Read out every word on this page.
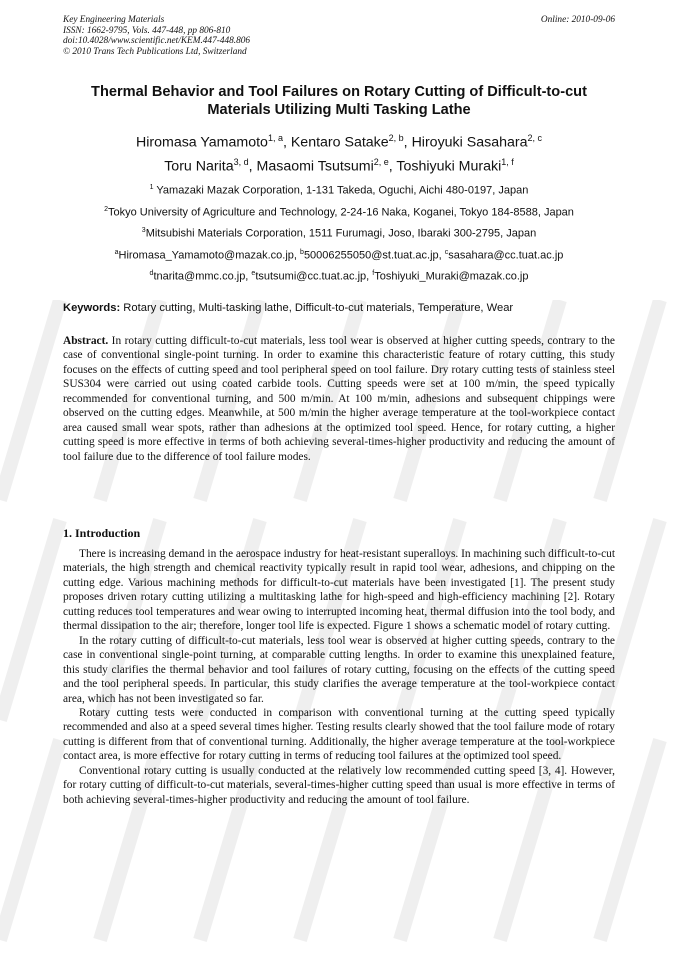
Key Engineering Materials
ISSN: 1662-9795, Vols. 447-448, pp 806-810
doi:10.4028/www.scientific.net/KEM.447-448.806
© 2010 Trans Tech Publications Ltd, Switzerland
Online: 2010-09-06
Thermal Behavior and Tool Failures on Rotary Cutting of Difficult-to-cut
Materials Utilizing Multi Tasking Lathe
Hiromasa Yamamoto$^{1, a}$, Kentaro Satake$^{2, b}$, Hiroyuki Sasahara$^{2, c}$
Toru Narita$^{3, d}$, Masaomi Tsutsumi$^{2, e}$, Toshiyuki Muraki$^{1, f}$
$^1$ Yamazaki Mazak Corporation, 1-131 Takeda, Oguchi, Aichi 480-0197, Japan
$^2$Tokyo University of Agriculture and Technology, 2-24-16 Naka, Koganei, Tokyo 184-8588, Japan
$^3$Mitsubishi Materials Corporation, 1511 Furumagi, Joso, Ibaraki 300-2795, Japan
$^a$Hiromasa_Yamamoto@mazak.co.jp, $^b$50006255050@st.tuat.ac.jp, $^c$sasahara@cc.tuat.ac.jp
$^d$tnarita@mmc.co.jp, $^e$tsutsumi@cc.tuat.ac.jp, $^f$Toshiyuki_Muraki@mazak.co.jp
Keywords: Rotary cutting, Multi-tasking lathe, Difficult-to-cut materials, Temperature, Wear
Abstract. In rotary cutting difficult-to-cut materials, less tool wear is observed at higher cutting speeds, contrary to the case of conventional single-point turning. In order to examine this characteristic feature of rotary cutting, this study focuses on the effects of cutting speed and tool peripheral speed on tool failure. Dry rotary cutting tests of stainless steel SUS304 were carried out using coated carbide tools. Cutting speeds were set at 100 m/min, the speed typically recommended for conventional turning, and 500 m/min. At 100 m/min, adhesions and subsequent chippings were observed on the cutting edges. Meanwhile, at 500 m/min the higher average temperature at the tool-workpiece contact area caused small wear spots, rather than adhesions at the optimized tool speed. Hence, for rotary cutting, a higher cutting speed is more effective in terms of both achieving several-times-higher productivity and reducing the amount of tool failure due to the difference of tool failure modes.
1. Introduction

There is increasing demand in the aerospace industry for heat-resistant superalloys. In machining such difficult-to-cut materials, the high strength and chemical reactivity typically result in rapid tool wear, adhesions, and chipping on the cutting edge. Various machining methods for difficult-to-cut materials have been investigated [1]. The present study proposes driven rotary cutting utilizing a multitasking lathe for high-speed and high-efficiency machining [2]. Rotary cutting reduces tool temperatures and wear owing to interrupted incoming heat, thermal diffusion into the tool body, and thermal dissipation to the air; therefore, longer tool life is expected. Figure 1 shows a schematic model of rotary cutting.

In the rotary cutting of difficult-to-cut materials, less tool wear is observed at higher cutting speeds, contrary to the case in conventional single-point turning, at comparable cutting lengths. In order to examine this unexplained feature, this study clarifies the thermal behavior and tool failures of rotary cutting, focusing on the effects of the cutting speed and the tool peripheral speeds. In particular, this study clarifies the average temperature at the tool-workpiece contact area, which has not been investigated so far.

Rotary cutting tests were conducted in comparison with conventional turning at the cutting speed typically recommended and also at a speed several times higher. Testing results clearly showed that the tool failure mode of rotary cutting is different from that of conventional turning. Additionally, the higher average temperature at the tool-workpiece contact area, is more effective for rotary cutting in terms of reducing tool failures at the optimized tool speed.

Conventional rotary cutting is usually conducted at the relatively low recommended cutting speed [3, 4]. However, for rotary cutting of difficult-to-cut materials, several-times-higher cutting speed than usual is more effective in terms of both achieving several-times-higher productivity and reducing the amount of tool failure.
